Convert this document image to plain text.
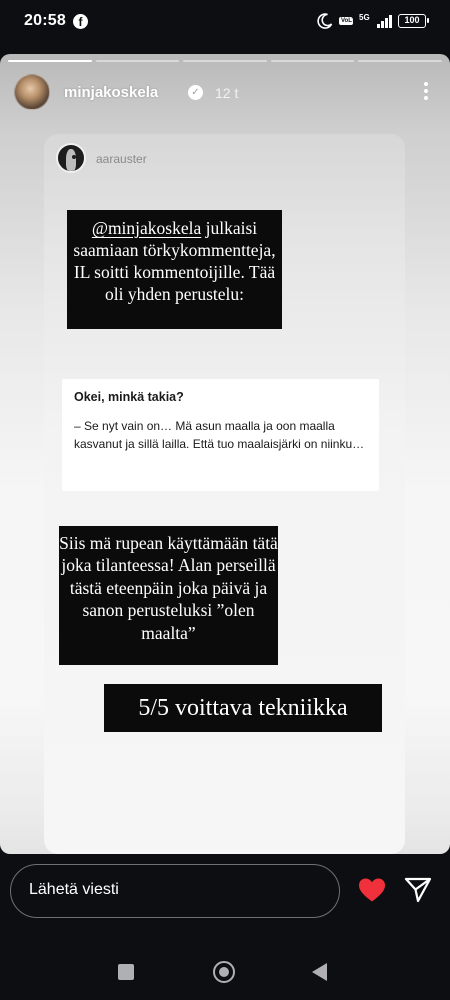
20:58	f	VoLTE 5G	100
minjakoskela	✓ 12 t
aarauster
@minjakoskela julkaisi saamiaan törkykommentteja, IL soitti kommentoijille. Tää oli yhden perustelu:
Okei, minkä takia?
– Se nyt vain on… Mä asun maalla ja oon maalla kasvanut ja sillä lailla. Että tuo maalaisjärki on niinku…
Siis mä rupean käyttämään tätä joka tilanteessa! Alan perseillä tästä eteenpäin joka päivä ja sanon perusteluksi ”olen maalta”
5/5 voittava tekniikka
Lähetä viesti
